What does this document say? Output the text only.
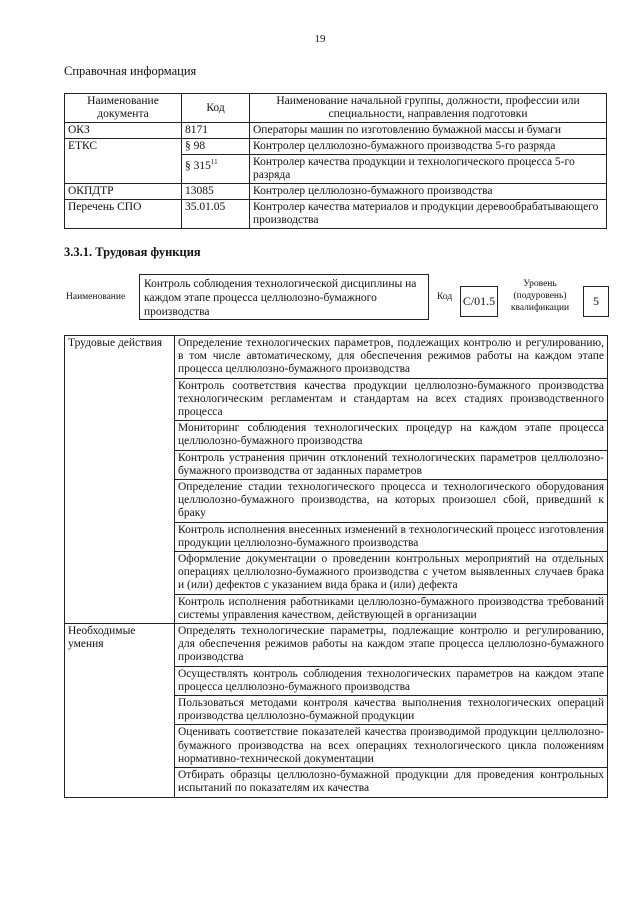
19
Справочная информация
Наименование документа	Код	Наименование начальной группы, должности, профессии или специальности, направления подготовки
ОКЗ	8171	Операторы машин по изготовлению бумажной массы и бумаги
ЕТКС	§ 98	Контролер целлюлозно-бумажного производства 5-го разряда
	§ $315^{11}$	Контролер качества продукции и технологического процесса 5-го разряда
ОКПДТР	13085	Контролер целлюлозно-бумажного производства
Перечень СПО	35.01.05	Контролер качества материалов и продукции деревообрабатывающего производства
3.3.1. Трудовая функция
Наименование
Контроль соблюдения технологической дисциплины на каждом этапе процесса целлюлозно-бумажного производства
Код C/01.5
Уровень (подуровень) квалификации	5
Трудовые действия	Определение технологических параметров, подлежащих контролю и регулированию, в том числе автоматическому, для обеспечения режимов работы на каждом этапе процесса целлюлозно-бумажного производства
	Контроль соответствия качества продукции целлюлозно-бумажного производства технологическим регламентам и стандартам на всех стадиях производственного процесса
	Мониторинг соблюдения технологических процедур на каждом этапе процесса целлюлозно-бумажного производства
	Контроль устранения причин отклонений технологических параметров целлюлозно-бумажного производства от заданных параметров
	Определение стадии технологического процесса и технологического оборудования целлюлозно-бумажного производства, на которых произошел сбой, приведший к браку
	Контроль исполнения внесенных изменений в технологический процесс изготовления продукции целлюлозно-бумажного производства
	Оформление документации о проведении контрольных мероприятий на отдельных операциях целлюлозно-бумажного производства с учетом выявленных случаев брака и (или) дефектов с указанием вида брака и (или) дефекта
	Контроль исполнения работниками целлюлозно-бумажного производства требований системы управления качеством, действующей в организации
Необходимые умения	Определять технологические параметры, подлежащие контролю и регулированию, для обеспечения режимов работы на каждом этапе процесса целлюлозно-бумажного производства
	Осуществлять контроль соблюдения технологических параметров на каждом этапе процесса целлюлозно-бумажного производства
	Пользоваться методами контроля качества выполнения технологических операций производства целлюлозно-бумажной продукции
	Оценивать соответствие показателей качества производимой продукции целлюлозно-бумажного производства на всех операциях технологического цикла положениям нормативно-технической документации
	Отбирать образцы целлюлозно-бумажной продукции для проведения контрольных испытаний по показателям их качества
